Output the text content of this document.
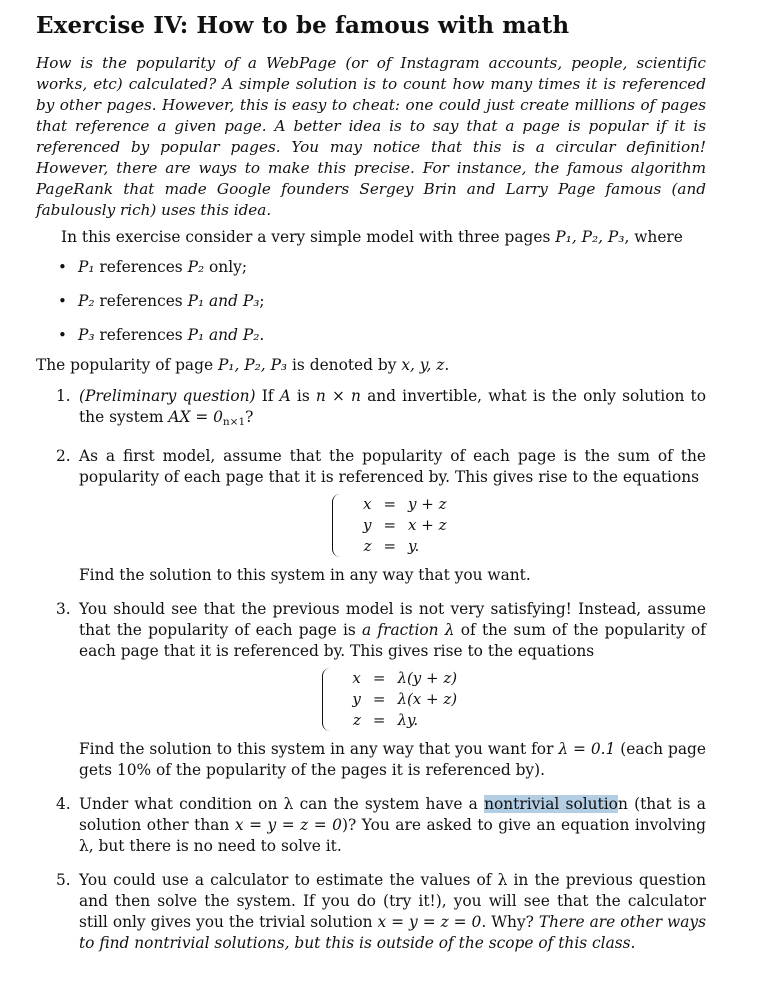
Exercise IV: How to be famous with math

How is the popularity of a WebPage (or of Instagram accounts, people, scientific works, etc) calculated? A simple solution is to count how many times it is referenced by other pages. However, this is easy to cheat: one could just create millions of pages that reference a given page. A better idea is to say that a page is popular if it is referenced by popular pages. You may notice that this is a circular definition! However, there are ways to make this precise. For instance, the famous algorithm PageRank that made Google founders Sergey Brin and Larry Page famous (and fabulously rich) uses this idea.

In this exercise consider a very simple model with three pages P₁, P₂, P₃, where

• P₁ references P₂ only;
• P₂ references P₁ and P₃;
• P₃ references P₁ and P₂.

The popularity of page P₁, P₂, P₃ is denoted by x, y, z.

1. (Preliminary question) If A is n × n and invertible, what is the only solution to the system AX = $0_{n\times 1}$?
2. As a first model, assume that the popularity of each page is the sum of the popularity of each page that it is referenced by. This gives rise to the equations
x	=	y + z
y	=	x + z
z	=	y.
Find the solution to this system in any way that you want.
3. You should see that the previous model is not very satisfying! Instead, assume that the popularity of each page is a fraction λ of the sum of the popularity of each page that it is referenced by. This gives rise to the equations
x	=	λ(y + z)
y	=	λ(x + z)
z	=	λy.
Find the solution to this system in any way that you want for λ = 0.1 (each page gets 10% of the popularity of the pages it is referenced by).
4. Under what condition on λ can the system have a nontrivial solution (that is a solution other than x = y = z = 0)? You are asked to give an equation involving λ, but there is no need to solve it.
5. You could use a calculator to estimate the values of λ in the previous question and then solve the system. If you do (try it!), you will see that the calculator still only gives you the trivial solution x = y = z = 0. Why? There are other ways to find nontrivial solutions, but this is outside of the scope of this class.
